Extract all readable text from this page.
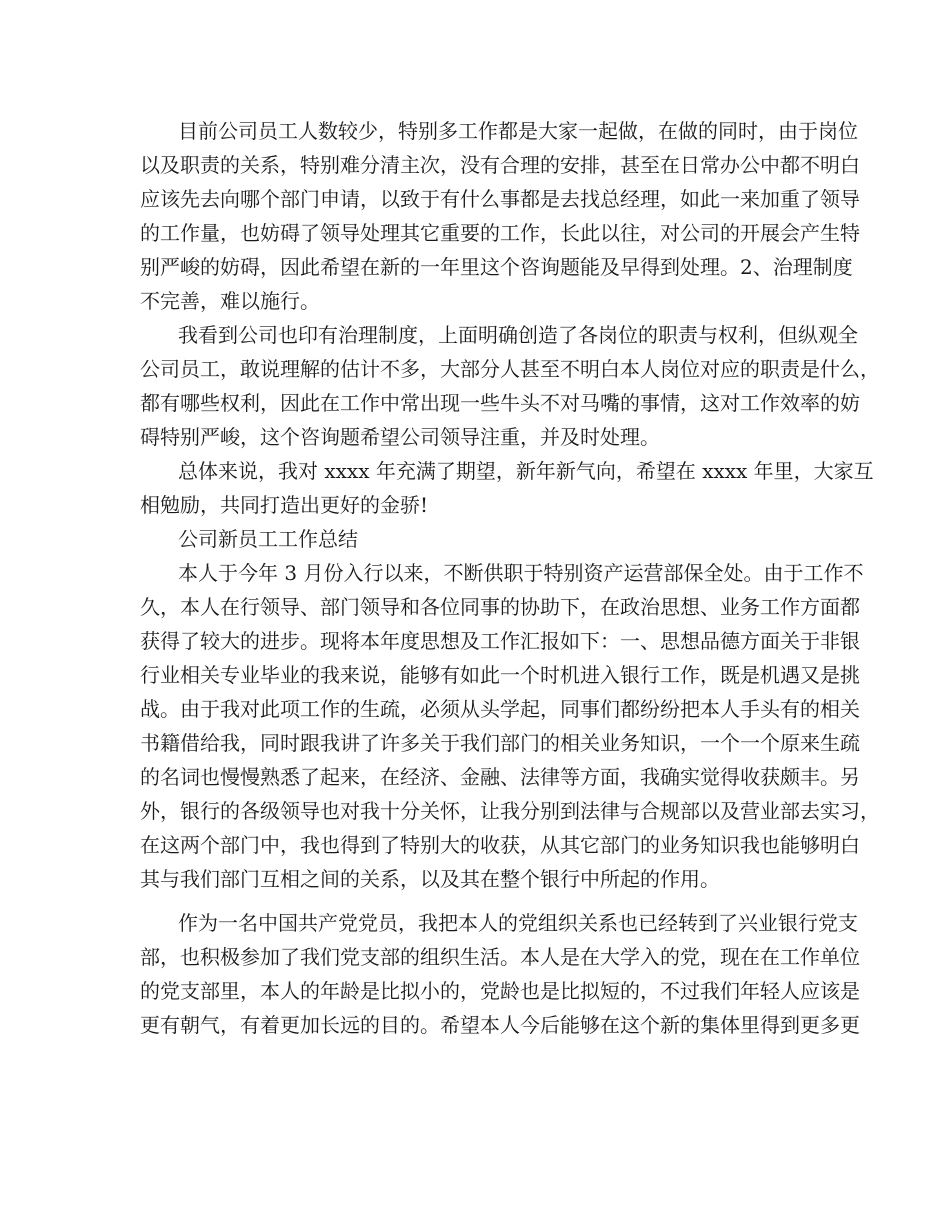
目前公司员工人数较少，特别多工作都是大家一起做，在做的同时，由于岗位
以及职责的关系，特别难分清主次，没有合理的安排，甚至在日常办公中都不明白
应该先去向哪个部门申请，以致于有什么事都是去找总经理，如此一来加重了领导
的工作量，也妨碍了领导处理其它重要的工作，长此以往，对公司的开展会产生特
别严峻的妨碍，因此希望在新的一年里这个咨询题能及早得到处理。2、治理制度
不完善，难以施行。
我看到公司也印有治理制度，上面明确创造了各岗位的职责与权利，但纵观全
公司员工，敢说理解的估计不多，大部分人甚至不明白本人岗位对应的职责是什么，
都有哪些权利，因此在工作中常出现一些牛头不对马嘴的事情，这对工作效率的妨
碍特别严峻，这个咨询题希望公司领导注重，并及时处理。
总体来说，我对 xxxx 年充满了期望，新年新气向，希望在 xxxx 年里，大家互
相勉励，共同打造出更好的金骄!
公司新员工工作总结
本人于今年 3 月份入行以来，不断供职于特别资产运营部保全处。由于工作不
久，本人在行领导、部门领导和各位同事的协助下，在政治思想、业务工作方面都
获得了较大的进步。现将本年度思想及工作汇报如下：一、思想品德方面关于非银
行业相关专业毕业的我来说，能够有如此一个时机进入银行工作，既是机遇又是挑
战。由于我对此项工作的生疏，必须从头学起，同事们都纷纷把本人手头有的相关
书籍借给我，同时跟我讲了许多关于我们部门的相关业务知识，一个一个原来生疏
的名词也慢慢熟悉了起来，在经济、金融、法律等方面，我确实觉得收获颇丰。另
外，银行的各级领导也对我十分关怀，让我分别到法律与合规部以及营业部去实习，
在这两个部门中，我也得到了特别大的收获，从其它部门的业务知识我也能够明白
其与我们部门互相之间的关系，以及其在整个银行中所起的作用。
作为一名中国共产党党员，我把本人的党组织关系也已经转到了兴业银行党支
部，也积极参加了我们党支部的组织生活。本人是在大学入的党，现在在工作单位
的党支部里，本人的年龄是比拟小的，党龄也是比拟短的，不过我们年轻人应该是
更有朝气，有着更加长远的目的。希望本人今后能够在这个新的集体里得到更多更
